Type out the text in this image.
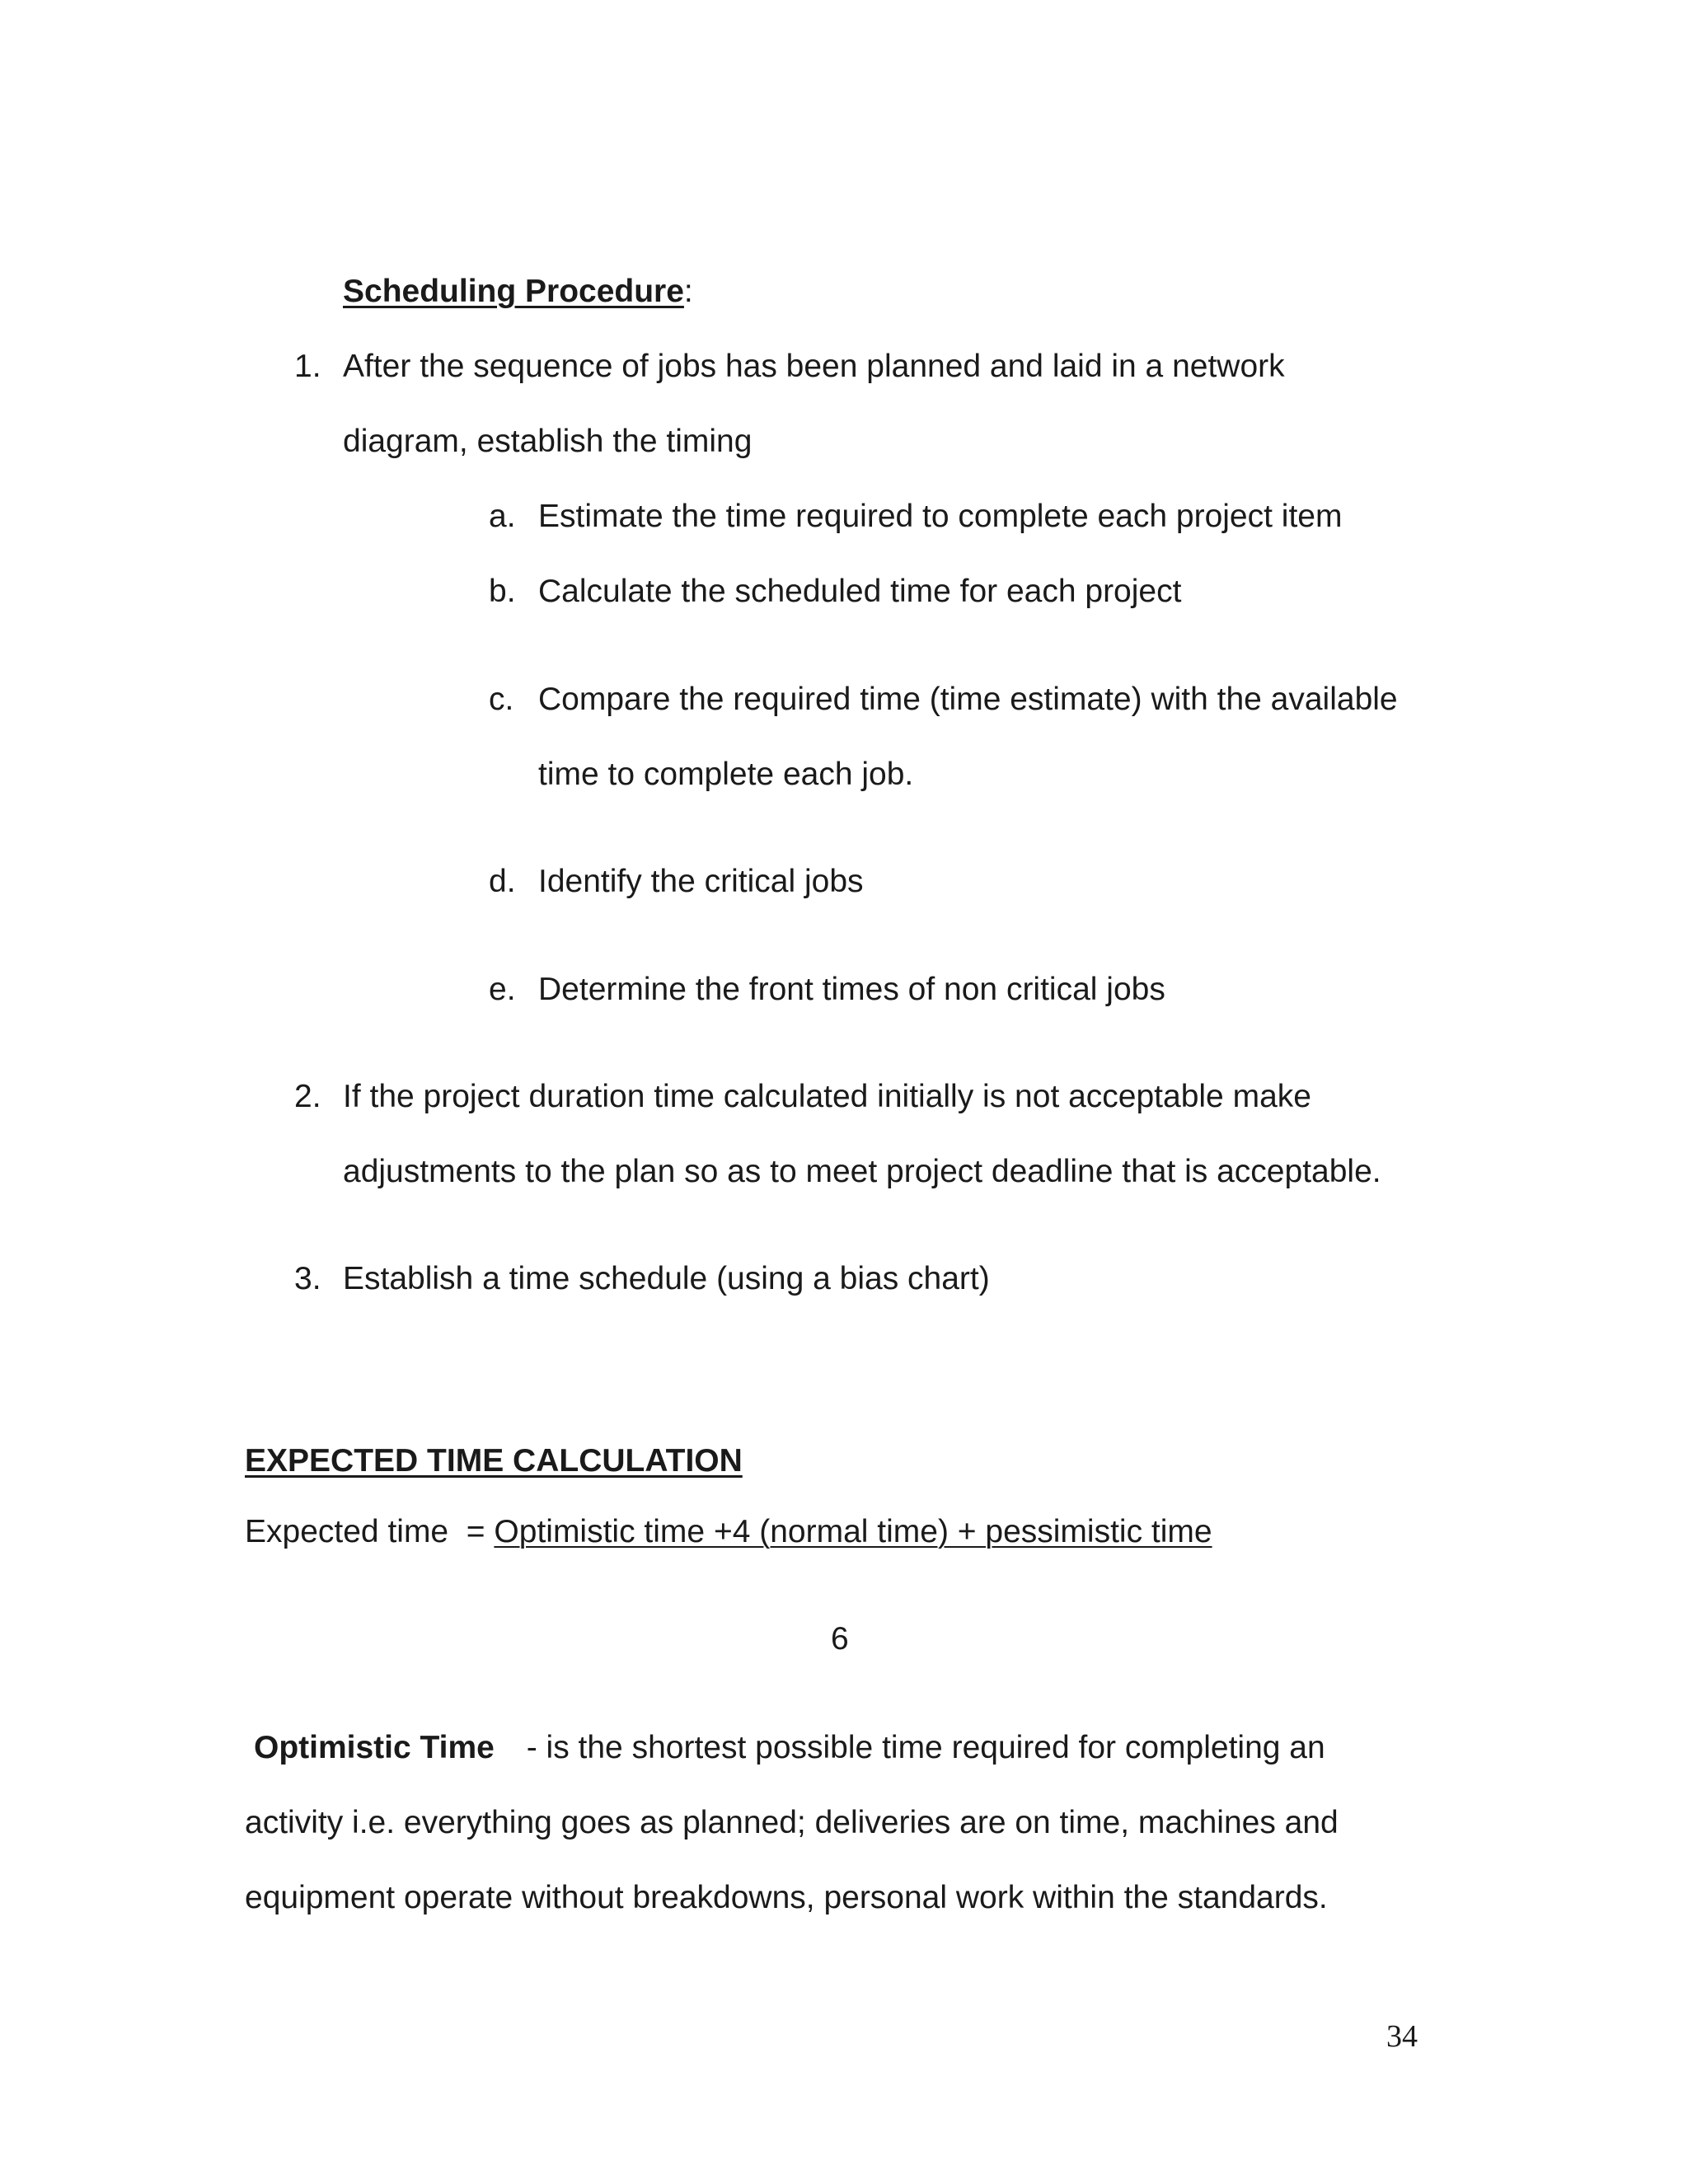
Scheduling Procedure:
1. After the sequence of jobs has been planned and laid in a network
diagram, establish the timing
a. Estimate the time required to complete each project item
b. Calculate the scheduled time for each project
c. Compare the required time (time estimate) with the available
time to complete each job.
d. Identify the critical jobs
e. Determine the front times of non critical jobs
2. If the project duration time calculated initially is not acceptable make
adjustments to the plan so as to meet project deadline that is acceptable.
3. Establish a time schedule (using a bias chart)
EXPECTED TIME CALCULATION
Expected time  = Optimistic time +4 (normal time) + pessimistic time
6
Optimistic Time - is the shortest possible time required for completing an
activity i.e. everything goes as planned; deliveries are on time, machines and
equipment operate without breakdowns, personal work within the standards.
34
